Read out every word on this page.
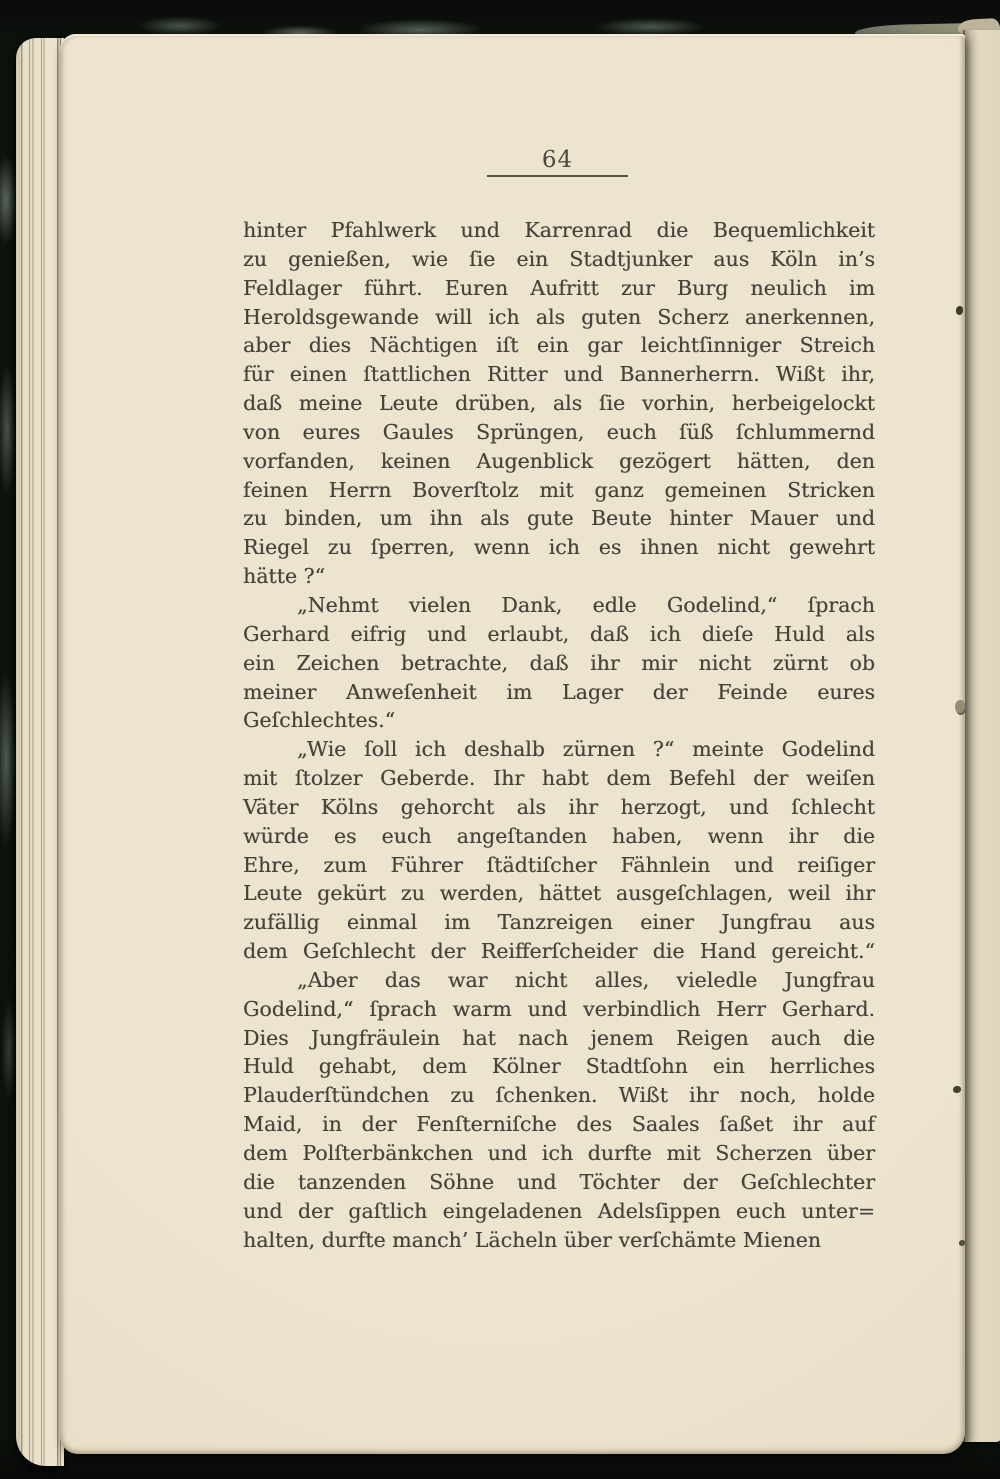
64
hinter Pfahlwerk und Karrenrad die Bequemlichkeit
zu genießen, wie ſie ein Stadtjunker aus Köln in’s
Feldlager führt. Euren Aufritt zur Burg neulich im
Heroldsgewande will ich als guten Scherz anerkennen,
aber dies Nächtigen iſt ein gar leichtſinniger Streich
für einen ſtattlichen Ritter und Bannerherrn. Wißt ihr,
daß meine Leute drüben, als ſie vorhin, herbeigelockt
von eures Gaules Sprüngen, euch ſüß ſchlummernd
vorfanden, keinen Augenblick gezögert hätten, den
feinen Herrn Boverſtolz mit ganz gemeinen Stricken
zu binden, um ihn als gute Beute hinter Mauer und
Riegel zu ſperren, wenn ich es ihnen nicht gewehrt
hätte ?“
„Nehmt vielen Dank, edle Godelind,“ ſprach
Gerhard eifrig und erlaubt, daß ich dieſe Huld als
ein Zeichen betrachte, daß ihr mir nicht zürnt ob
meiner Anweſenheit im Lager der Feinde eures
Geſchlechtes.“
„Wie ſoll ich deshalb zürnen ?“ meinte Godelind
mit ſtolzer Geberde. Ihr habt dem Befehl der weiſen
Väter Kölns gehorcht als ihr herzogt, und ſchlecht
würde es euch angeſtanden haben, wenn ihr die
Ehre, zum Führer ſtädtiſcher Fähnlein und reiſiger
Leute gekürt zu werden, hättet ausgeſchlagen, weil ihr
zufällig einmal im Tanzreigen einer Jungfrau aus
dem Geſchlecht der Reifferſcheider die Hand gereicht.“
„Aber das war nicht alles, vieledle Jungfrau
Godelind,“ ſprach warm und verbindlich Herr Gerhard.
Dies Jungfräulein hat nach jenem Reigen auch die
Huld gehabt, dem Kölner Stadtſohn ein herrliches
Plauderſtündchen zu ſchenken. Wißt ihr noch, holde
Maid, in der Fenſterniſche des Saales ſaßet ihr auf
dem Polſterbänkchen und ich durfte mit Scherzen über
die tanzenden Söhne und Töchter der Geſchlechter
und der gaſtlich eingeladenen Adelsſippen euch unter=
halten, durfte manch’ Lächeln über verſchämte Mienen
